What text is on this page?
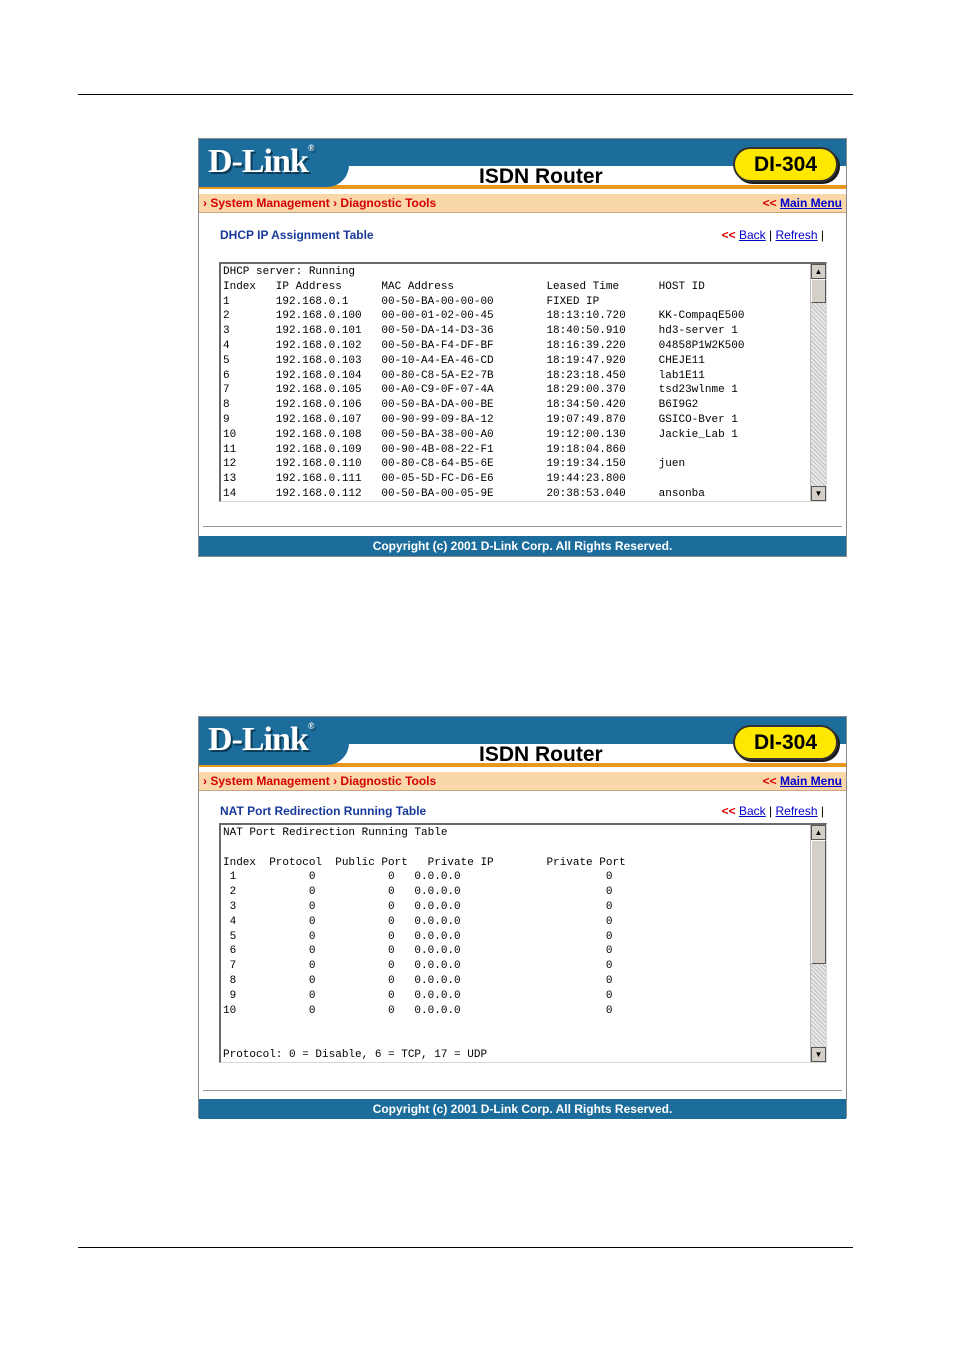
D-Link®
ISDN Router
DI-304
› System Management › Diagnostic Tools	<< Main Menu
DHCP IP Assignment Table	<< Back | Refresh |
DHCP server: Running
Index   IP Address      MAC Address              Leased Time      HOST ID
1       192.168.0.1     00-50-BA-00-00-00        FIXED IP
2       192.168.0.100   00-00-01-02-00-45        18:13:10.720     KK-CompaqE500
3       192.168.0.101   00-50-DA-14-D3-36        18:40:50.910     hd3-server 1
4       192.168.0.102   00-50-BA-F4-DF-BF        18:16:39.220     04858P1W2K500
5       192.168.0.103   00-10-A4-EA-46-CD        18:19:47.920     CHEJE11
6       192.168.0.104   00-80-C8-5A-E2-7B        18:23:18.450     lab1E11
7       192.168.0.105   00-A0-C9-0F-07-4A        18:29:00.370     tsd23wlnme 1
8       192.168.0.106   00-50-BA-DA-00-BE        18:34:50.420     B6I9G2
9       192.168.0.107   00-90-99-09-8A-12        19:07:49.870     GSICO-Bver 1
10      192.168.0.108   00-50-BA-38-00-A0        19:12:00.130     Jackie_Lab 1
11      192.168.0.109   00-90-4B-08-22-F1        19:18:04.860
12      192.168.0.110   00-80-C8-64-B5-6E        19:19:34.150     juen
13      192.168.0.111   00-05-5D-FC-D6-E6        19:44:23.800
14      192.168.0.112   00-50-BA-00-05-9E        20:38:53.040     ansonba
▲
▼
Copyright (c) 2001 D-Link Corp. All Rights Reserved.
D-Link®
ISDN Router
DI-304
› System Management › Diagnostic Tools	<< Main Menu
NAT Port Redirection Running Table	<< Back | Refresh |
NAT Port Redirection Running Table

Index  Protocol  Public Port   Private IP        Private Port
1           0           0   0.0.0.0                      0
2           0           0   0.0.0.0                      0
3           0           0   0.0.0.0                      0
4           0           0   0.0.0.0                      0
5           0           0   0.0.0.0                      0
6           0           0   0.0.0.0                      0
7           0           0   0.0.0.0                      0
8           0           0   0.0.0.0                      0
9           0           0   0.0.0.0                      0
10           0           0   0.0.0.0                      0

Protocol: 0 = Disable, 6 = TCP, 17 = UDP
▲
▼
Copyright (c) 2001 D-Link Corp. All Rights Reserved.
